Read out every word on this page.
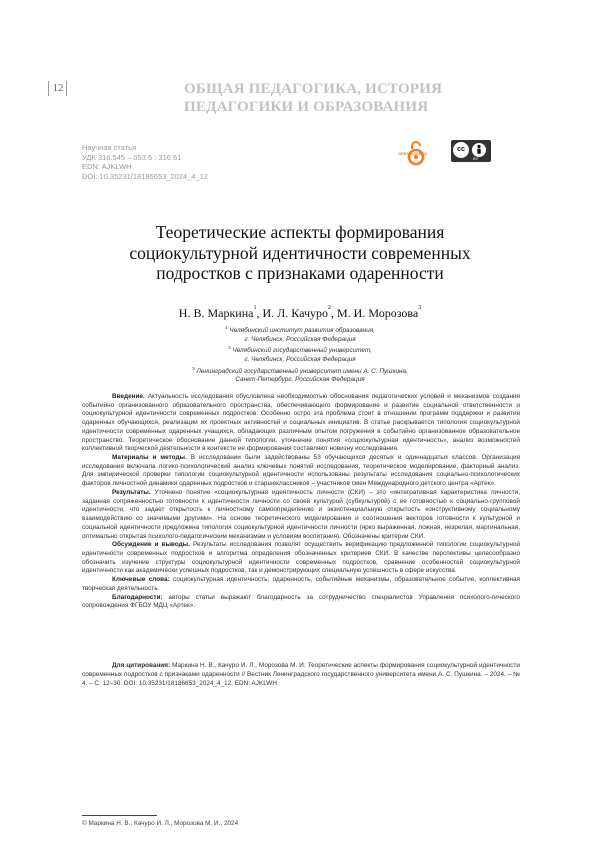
12	ОБЩАЯ ПЕДАГОГИКА, ИСТОРИЯ
ПЕДАГОГИКИ И ОБРАЗОВАНИЯ
Научная статья
УДК 316.545 – 053.6 : 316.61
EDN: AJKLWH
DOI: 10.35231/18186653_2024_4_12
OPEN ACCESS
cc
BY
Теоретические аспекты формирования
социокультурной идентичности современных
подростков с признаками одаренности
Н. В. Маркина$^1$, И. Л. Качуро$^2$, М. И. Морозова$^3$
$^1$ Челябинский институт развития образования,
г. Челябинск, Российская Федерация
$^2$ Челябинский государственный университет,
г. Челябинск, Российская Федерация
$^3$ Ленинградский государственный университет имени А. С. Пушкина,
Санкт-Петербург, Российская Федерация

Введение. Актуальность исследования обусловлена необходимостью обоснования педагогических условий и механизмов создания событийно организованного образовательного пространства, обеспечивающего формирование и развитие социальной ответственности и социокультурной идентичности современных подростков. Особенно остро эта проблема стоит в отношении программ поддержки и развития одаренных обучающихся, реализации их проектных активностей и социальных инициатив. В статье раскрывается типология социокультурной идентичности современных одаренных учащихся, обладающих различным опытом погружения в событийно организованное образовательное пространство. Теоретическое обоснование данной типологии, уточнение понятия «социокультурная идентичность», анализ возможностей коллективной творческой деятельности в контексте ее формирования составляют новизну исследования.

Материалы и методы. В исследовании были задействованы 53 обучающихся десятых и одиннадцатых классов. Организация исследования включала логико-психологический анализ ключевых понятий исследования, теоретическое моделирование, факторный анализ. Для эмпирической проверки типологии социокультурной идентичности использованы результаты исследования социально-психологических факторов личностной динамики одаренных подростков и старшеклассников – участников смен Международного детского центра «Артек».

Результаты. Уточнено понятие «социокультурная идентичность личности (СКИ) – это «интегративная характеристика личности, заданная сопряженностью готовности к идентичности личности со своей культурой (субкультурой) с ее готовностью к социально-групповой идентичности, что задает открытость к личностному самоопределению и экзистенциальную открытость конструктивному социальному взаимодействию со значимыми другими». На основе теоретического моделирования и соотношения векторов готовности к культурной и социальной идентичности предложена типология социокультурной идентичности личности (ярко выраженная, ложная, незрелая, маргинальная, оптимально открытая психолого-педагогическим механизмам и условиям воспитания). Обозначены критерии СКИ.

Обсуждение и выводы. Результаты исследования позволят осуществить верификацию предложенной типологии социокультурной идентичности современных подростков и алгоритма определения обозначенных критериев СКИ. В качестве перспективы целесообразно обозначить изучение структуры социокультурной идентичности современных подростков, сравнение особенностей социокультурной идентичности как академически успешных подростков, так и демонстрирующих специальную успешность в сфере искусства.

Ключевые слова: социокультурная идентичность, одаренность, событийные механизмы, образовательное событие, коллективная творческая деятельность.

Благодарности: авторы статьи выражают благодарность за сотрудничество специалистов Управления психолого-гического сопровождения ФГБОУ МДЦ «Артек».

Для цитирования: Маркина Н. В., Качуро И. Л., Морозова М. И. Теоретические аспекты формирования социокультурной идентичности современных подростков с признаками одаренности // Вестник Ленинградского государственного университета имени А. С. Пушкина. – 2024. – № 4. – С. 12–30. DOI: 10.35231/18186653_2024_4_12. EDN: AJKLWH

© Маркина Н. В., Качуро И. Л., Морозова М. И., 2024
